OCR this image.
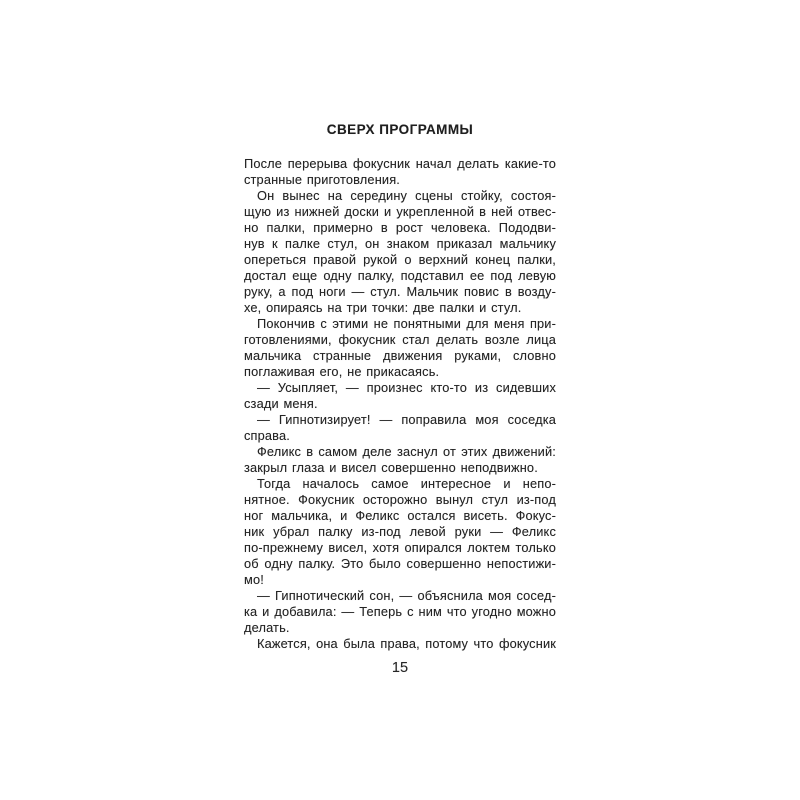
СВЕРХ ПРОГРАММЫ
После перерыва фокусник начал делать какие-то
странные приготовления.
Он вынес на середину сцены стойку, состоя-
щую из нижней доски и укрепленной в ней отвес-
но палки, примерно в рост человека. Пододви-
нув к палке стул, он знаком приказал мальчику
опереться правой рукой о верхний конец палки,
достал еще одну палку, подставил ее под левую
руку, а под ноги — стул. Мальчик повис в возду-
хе, опираясь на три точки: две палки и стул.
Покончив с этими не понятными для меня при-
готовлениями, фокусник стал делать возле лица
мальчика странные движения руками, словно
поглаживая его, не прикасаясь.
— Усыпляет, — произнес кто-то из сидевших
сзади меня.
— Гипнотизирует! — поправила моя соседка
справа.
Феликс в самом деле заснул от этих движений:
закрыл глаза и висел совершенно неподвижно.
Тогда началось самое интересное и непо-
нятное. Фокусник осторожно вынул стул из-под
ног мальчика, и Феликс остался висеть. Фокус-
ник убрал палку из-под левой руки — Феликс
по-прежнему висел, хотя опирался локтем только
об одну палку. Это было совершенно непостижи-
мо!
— Гипнотический сон, — объяснила моя сосед-
ка и добавила: — Теперь с ним что угодно можно
делать.
Кажется, она была права, потому что фокусник
15
